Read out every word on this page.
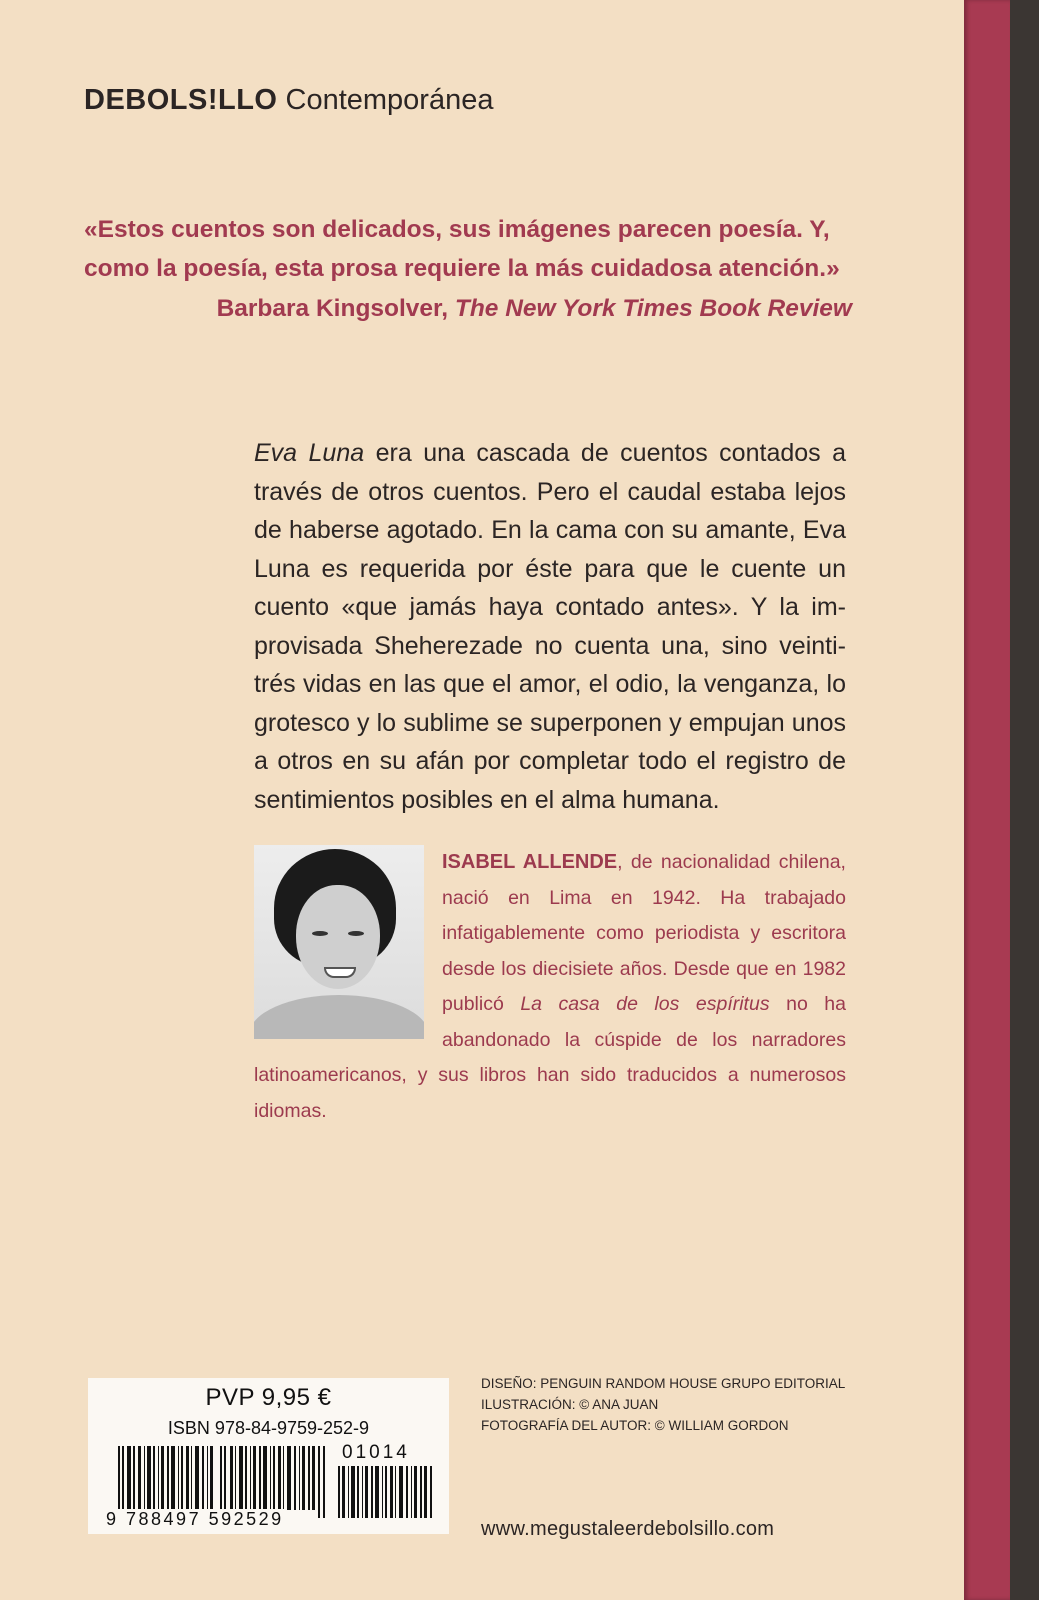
DEBOLS!LLO Contemporánea
«Estos cuentos son delicados, sus imágenes parecen poesía. Y, como la poesía, esta prosa requiere la más cuidadosa atención.»
Barbara Kingsolver, The New York Times Book Review
Eva Luna era una cascada de cuentos contados a través de otros cuentos. Pero el caudal estaba lejos de haberse agotado. En la cama con su amante, Eva Luna es requerida por éste para que le cuente un cuento «que jamás haya contado antes». Y la improvisada Sheherezade no cuenta una, sino veintitrés vidas en las que el amor, el odio, la venganza, lo grotesco y lo sublime se superponen y empujan unos a otros en su afán por completar todo el registro de sentimientos posibles en el alma humana.
ISABEL ALLENDE, de nacionalidad chilena, nació en Lima en 1942. Ha trabajado infatigablemente como periodista y escritora desde los diecisiete años. Desde que en 1982 publicó La casa de los espíritus no ha abandonado la cúspide de los narradores latinoamericanos, y sus libros han sido traducidos a numerosos idiomas.
PVP 9,95 €
ISBN 978-84-9759-252-9
01014
9 788497 592529
DISEÑO: PENGUIN RANDOM HOUSE GRUPO EDITORIAL
ILUSTRACIÓN: © ANA JUAN
FOTOGRAFÍA DEL AUTOR: © WILLIAM GORDON
www.megustaleerdebolsillo.com
